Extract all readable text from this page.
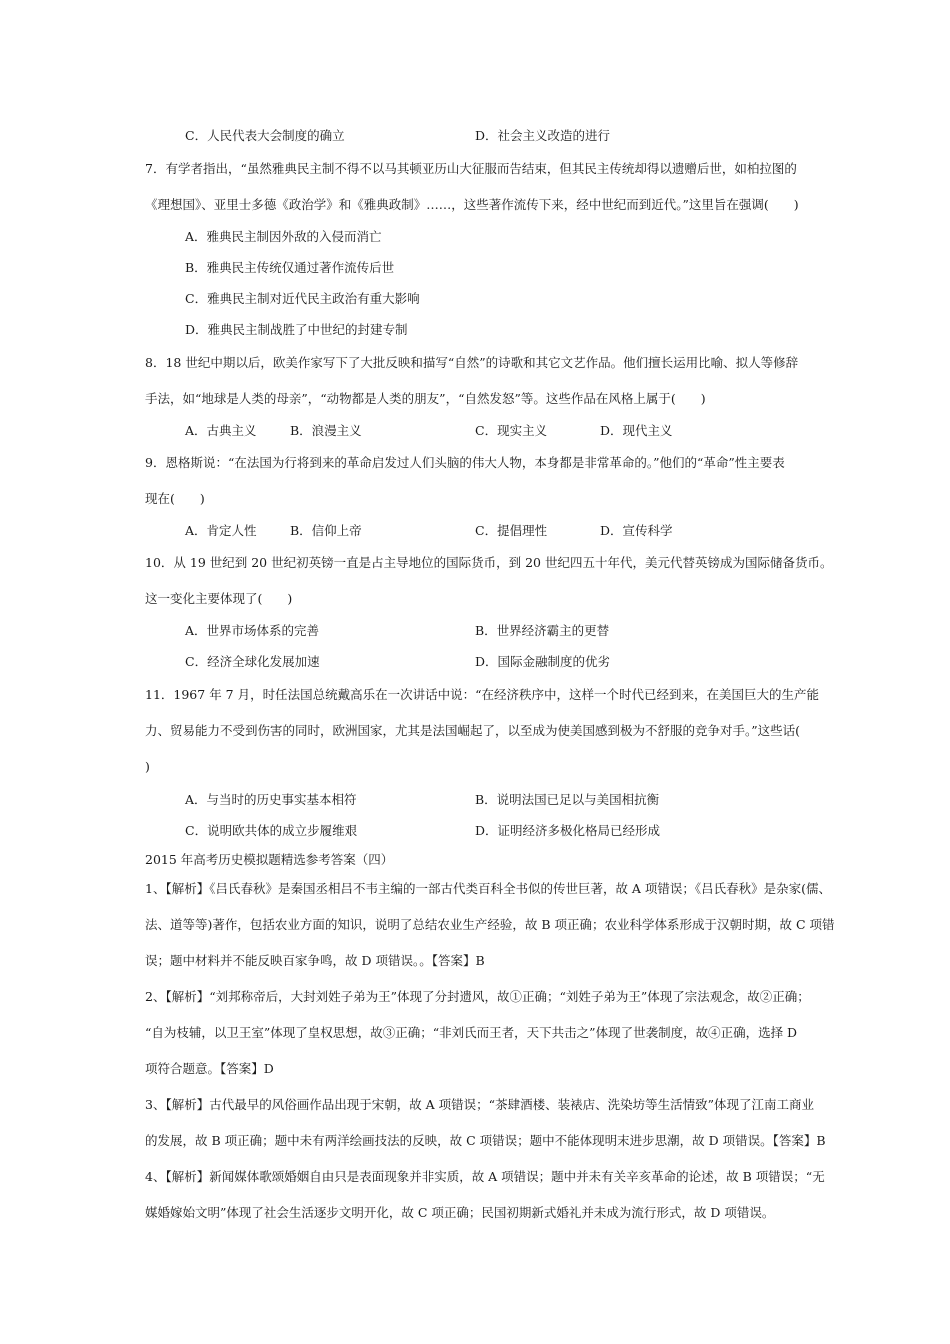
C．人民代表大会制度的确立	D．社会主义改造的进行
7．有学者指出，“虽然雅典民主制不得不以马其顿亚历山大征服而告结束，但其民主传统却得以遗赠后世，如柏拉图的
《理想国》、亚里士多德《政治学》和《雅典政制》……，这些著作流传下来，经中世纪而到近代。”这里旨在强调(　　)
A．雅典民主制因外敌的入侵而消亡
B．雅典民主传统仅通过著作流传后世
C．雅典民主制对近代民主政治有重大影响
D．雅典民主制战胜了中世纪的封建专制
8．18 世纪中期以后，欧美作家写下了大批反映和描写“自然”的诗歌和其它文艺作品。他们擅长运用比喻、拟人等修辞
手法，如“地球是人类的母亲”，“动物都是人类的朋友”，“自然发怒”等。这些作品在风格上属于(　　)
A．古典主义	B．浪漫主义	C．现实主义	D．现代主义
9．恩格斯说：“在法国为行将到来的革命启发过人们头脑的伟大人物，本身都是非常革命的。”他们的“革命”性主要表
现在(　　)
A．肯定人性	B．信仰上帝	C．提倡理性	D．宣传科学
10．从 19 世纪到 20 世纪初英镑一直是占主导地位的国际货币，到 20 世纪四五十年代，美元代替英镑成为国际储备货币。
这一变化主要体现了(　　)
A．世界市场体系的完善	B．世界经济霸主的更替
C．经济全球化发展加速	D．国际金融制度的优劣
11．1967 年 7 月，时任法国总统戴高乐在一次讲话中说：“在经济秩序中，这样一个时代已经到来，在美国巨大的生产能
力、贸易能力不受到伤害的同时，欧洲国家，尤其是法国崛起了，以至成为使美国感到极为不舒服的竞争对手。”这些话(
)
A．与当时的历史事实基本相符	B．说明法国已足以与美国相抗衡
C．说明欧共体的成立步履维艰	D．证明经济多极化格局已经形成
2015 年高考历史模拟题精选参考答案（四）
1、【解析】《吕氏春秋》是秦国丞相吕不韦主编的一部古代类百科全书似的传世巨著，故 A 项错误；《吕氏春秋》是杂家(儒、
法、道等等)著作，包括农业方面的知识，说明了总结农业生产经验，故 B 项正确；农业科学体系形成于汉朝时期，故 C 项错
误；题中材料并不能反映百家争鸣，故 D 项错误。。【答案】B
2、【解析】“刘邦称帝后，大封刘姓子弟为王”体现了分封遗风，故①正确；“刘姓子弟为王”体现了宗法观念，故②正确；
“自为枝辅，以卫王室”体现了皇权思想，故③正确；“非刘氏而王者，天下共击之”体现了世袭制度，故④正确，选择 D
项符合题意。【答案】D
3、【解析】古代最早的风俗画作品出现于宋朝，故 A 项错误；“茶肆酒楼、装裱店、洗染坊等生活情致”体现了江南工商业
的发展，故 B 项正确；题中未有两洋绘画技法的反映，故 C 项错误；题中不能体现明末进步思潮，故 D 项错误。【答案】B
4、【解析】新闻媒体歌颂婚姻自由只是表面现象并非实质，故 A 项错误；题中并未有关辛亥革命的论述，故 B 项错误；“无
媒婚嫁始文明”体现了社会生活逐步文明开化，故 C 项正确；民国初期新式婚礼并未成为流行形式，故 D 项错误。
